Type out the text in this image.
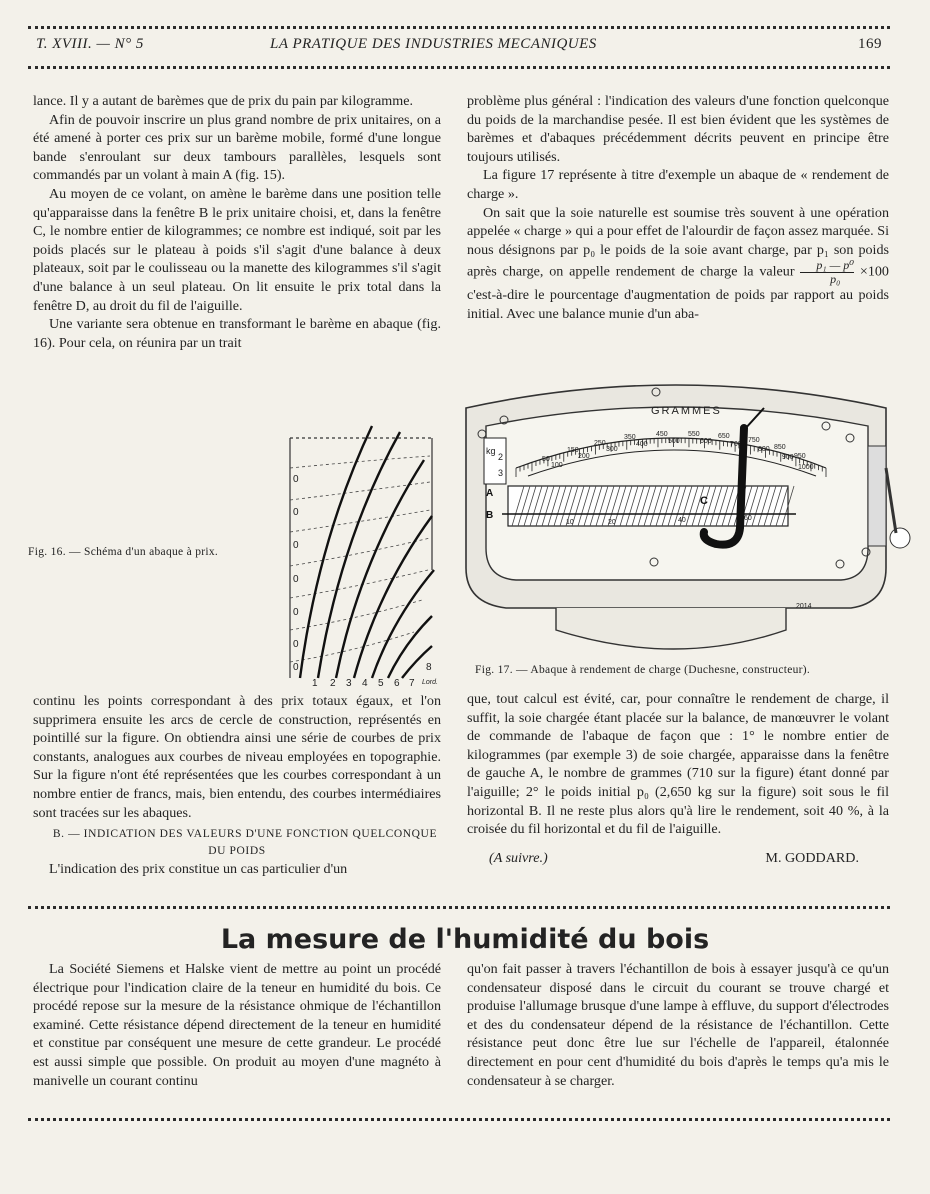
T. XVIII. — N° 5	LA PRATIQUE DES INDUSTRIES MECANIQUES	169

lance. Il y a autant de barèmes que de prix du pain par kilogramme.

Afin de pouvoir inscrire un plus grand nombre de prix unitaires, on a été amené à porter ces prix sur un barème mobile, formé d'une longue bande s'enroulant sur deux tambours parallèles, lesquels sont commandés par un volant à main A (fig. 15).

Au moyen de ce volant, on amène le barème dans une position telle qu'apparaisse dans la fenêtre B le prix unitaire choisi, et, dans la fenêtre C, le nombre entier de kilogrammes; ce nombre est indiqué, soit par les poids placés sur le plateau à poids s'il s'agit d'une balance à deux plateaux, soit par le coulisseau ou la manette des kilogrammes s'il s'agit d'une balance à un seul plateau. On lit ensuite le prix total dans la fenêtre D, au droit du fil de l'aiguille.

Une variante sera obtenue en transformant le barème en abaque (fig. 16). Pour cela, on réunira par un trait

Fig. 16. — Schéma d'un abaque à prix.
0
0
0
0
0
0
0
1 2 3 4 5 6 7
8
Lord.

continu les points correspondant à des prix totaux égaux, et l'on supprimera ensuite les arcs de cercle de construction, représentés en pointillé sur la figure. On obtiendra ainsi une série de courbes de prix constants, analogues aux courbes de niveau employées en topographie. Sur la figure n'ont été représentées que les courbes correspondant à un nombre entier de francs, mais, bien entendu, des courbes intermédiaires sont tracées sur les abaques.

B. — INDICATION DES VALEURS D'UNE FONCTION QUELCONQUE DU POIDS

L'indication des prix constitue un cas particulier d'un

problème plus général : l'indication des valeurs d'une fonction quelconque du poids de la marchandise pesée. Il est bien évident que les systèmes de barèmes et d'abaques précédemment décrits peuvent en principe être toujours utilisés.

La figure 17 représente à titre d'exemple un abaque de « rendement de charge ».

On sait que la soie naturelle est soumise très souvent à une opération appelée « charge » qui a pour effet de l'alourdir de façon assez marquée. Si nous désignons par p₀ le poids de la soie avant charge, par p₁ son poids après charge, on appelle rendement de charge la valeur $\frac{\text{p₁ — p⁰}}{\text{p₀}} \times 100$ c'est-à-dire le pourcentage d'augmentation de poids par rapport au poids initial. Avec une balance munie d'un aba-

GRAMMES
50
100
150
200
250
300
350
400
450
500
550
600
650
700
750
800 850
900 950
1000
kg
2
3
A
B
C
10	20	40	60
2014
Fig. 17. — Abaque à rendement de charge (Duchesne, constructeur).

que, tout calcul est évité, car, pour connaître le rendement de charge, il suffit, la soie chargée étant placée sur la balance, de manœuvrer le volant de commande de l'abaque de façon que : 1° le nombre entier de kilogrammes (par exemple 3) de soie chargée, apparaisse dans la fenêtre de gauche A, le nombre de grammes (710 sur la figure) étant donné par l'aiguille; 2° le poids initial p₀ (2,650 kg sur la figure) soit sous le fil horizontal B. Il ne reste plus alors qu'à lire le rendement, soit 40 %, à la croisée du fil horizontal et du fil de l'aiguille.

(A suivre.)	M. GODDARD.
La mesure de l'humidité du bois

La Société Siemens et Halske vient de mettre au point un procédé électrique pour l'indication claire de la teneur en humidité du bois. Ce procédé repose sur la mesure de la résistance ohmique de l'échantillon examiné. Cette résistance dépend directement de la teneur en humidité et constitue par conséquent une mesure de cette grandeur. Le procédé est aussi simple que possible. On produit au moyen d'une magnéto à manivelle un courant continu

qu'on fait passer à travers l'échantillon de bois à essayer jusqu'à ce qu'un condensateur disposé dans le circuit du courant se trouve chargé et produise l'allumage brusque d'une lampe à effluve, du support d'électrodes et des du condensateur dépend de la résistance de l'échantillon. Cette résistance peut donc être lue sur l'échelle de l'appareil, étalonnée directement en pour cent d'humidité du bois d'après le temps qu'a mis le condensateur à se charger.
